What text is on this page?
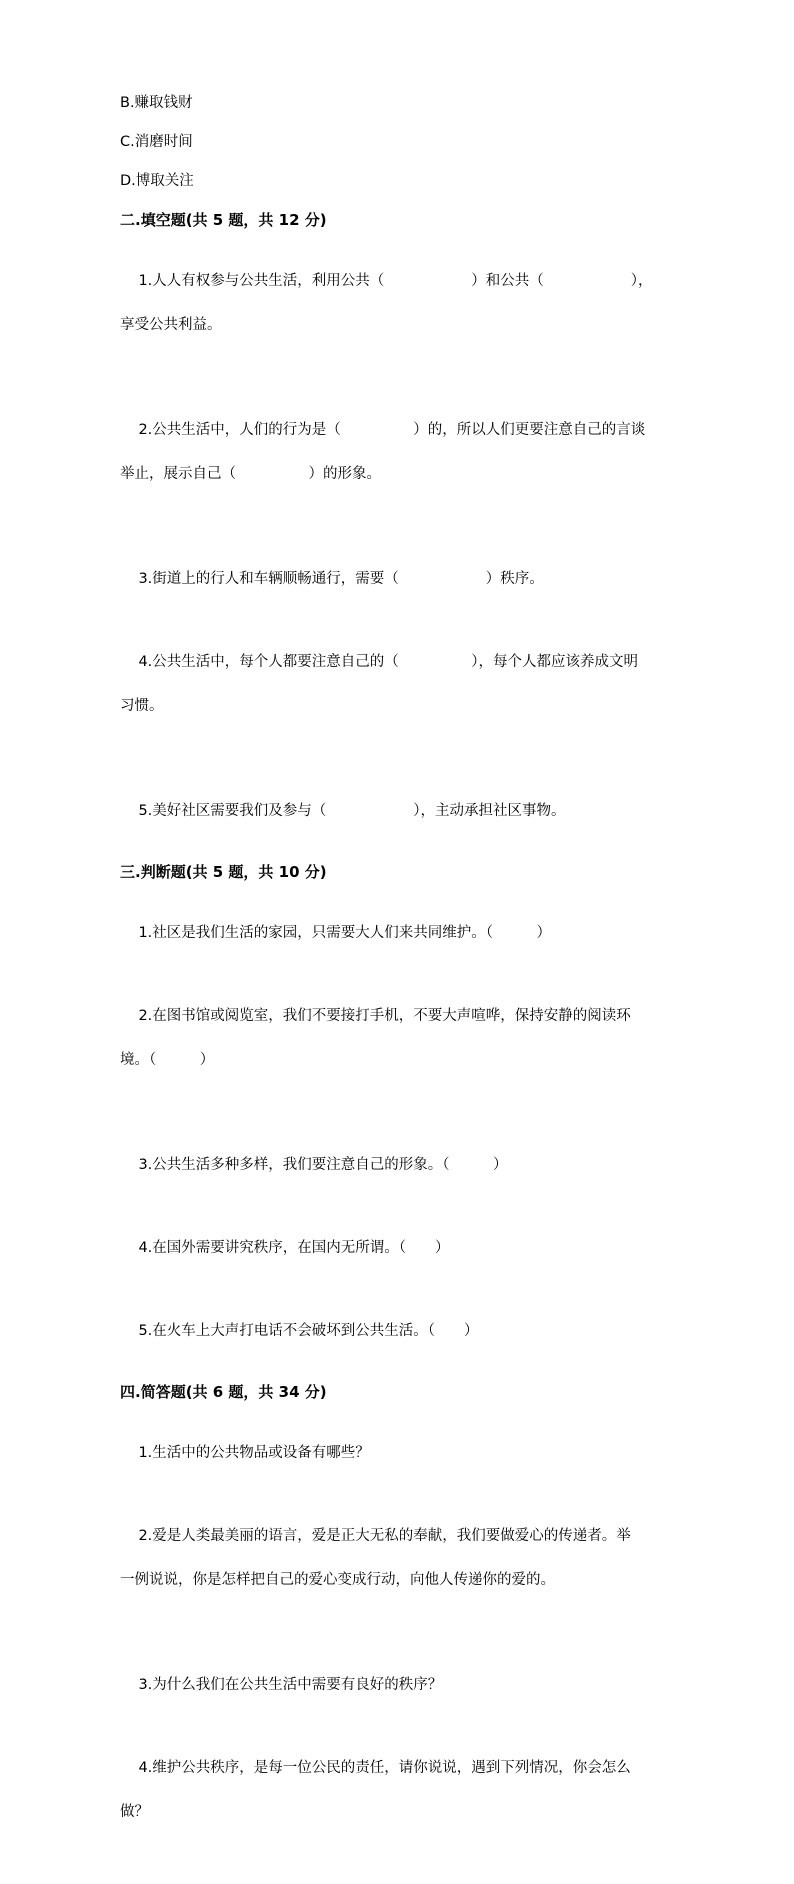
B.赚取钱财
C.消磨时间
D.博取关注
二.填空题(共 5 题，共 12 分)

1.人人有权参与公共生活，利用公共（　　　　　　）和公共（　　　　　　），

享受公共利益。

2.公共生活中，人们的行为是（　　　　　）的，所以人们更要注意自己的言谈

举止，展示自己（　　　　　）的形象。

3.街道上的行人和车辆顺畅通行，需要（　　　　　　）秩序。

4.公共生活中，每个人都要注意自己的（　　　　　），每个人都应该养成文明

习惯。

5.美好社区需要我们及参与（　　　　　　），主动承担社区事物。

三.判断题(共 5 题，共 10 分)

1.社区是我们生活的家园，只需要大人们来共同维护。（　　　）

2.在图书馆或阅览室，我们不要接打手机，不要大声喧哗，保持安静的阅读环

境。（　　　）

3.公共生活多种多样，我们要注意自己的形象。（　　　）

4.在国外需要讲究秩序，在国内无所谓。（　　）

5.在火车上大声打电话不会破坏到公共生活。（　　）

四.简答题(共 6 题，共 34 分)

1.生活中的公共物品或设备有哪些？

2.爱是人类最美丽的语言，爱是正大无私的奉献，我们要做爱心的传递者。举

一例说说，你是怎样把自己的爱心变成行动，向他人传递你的爱的。

3.为什么我们在公共生活中需要有良好的秩序？

4.维护公共秩序，是每一位公民的责任，请你说说，遇到下列情况，你会怎么

做？
